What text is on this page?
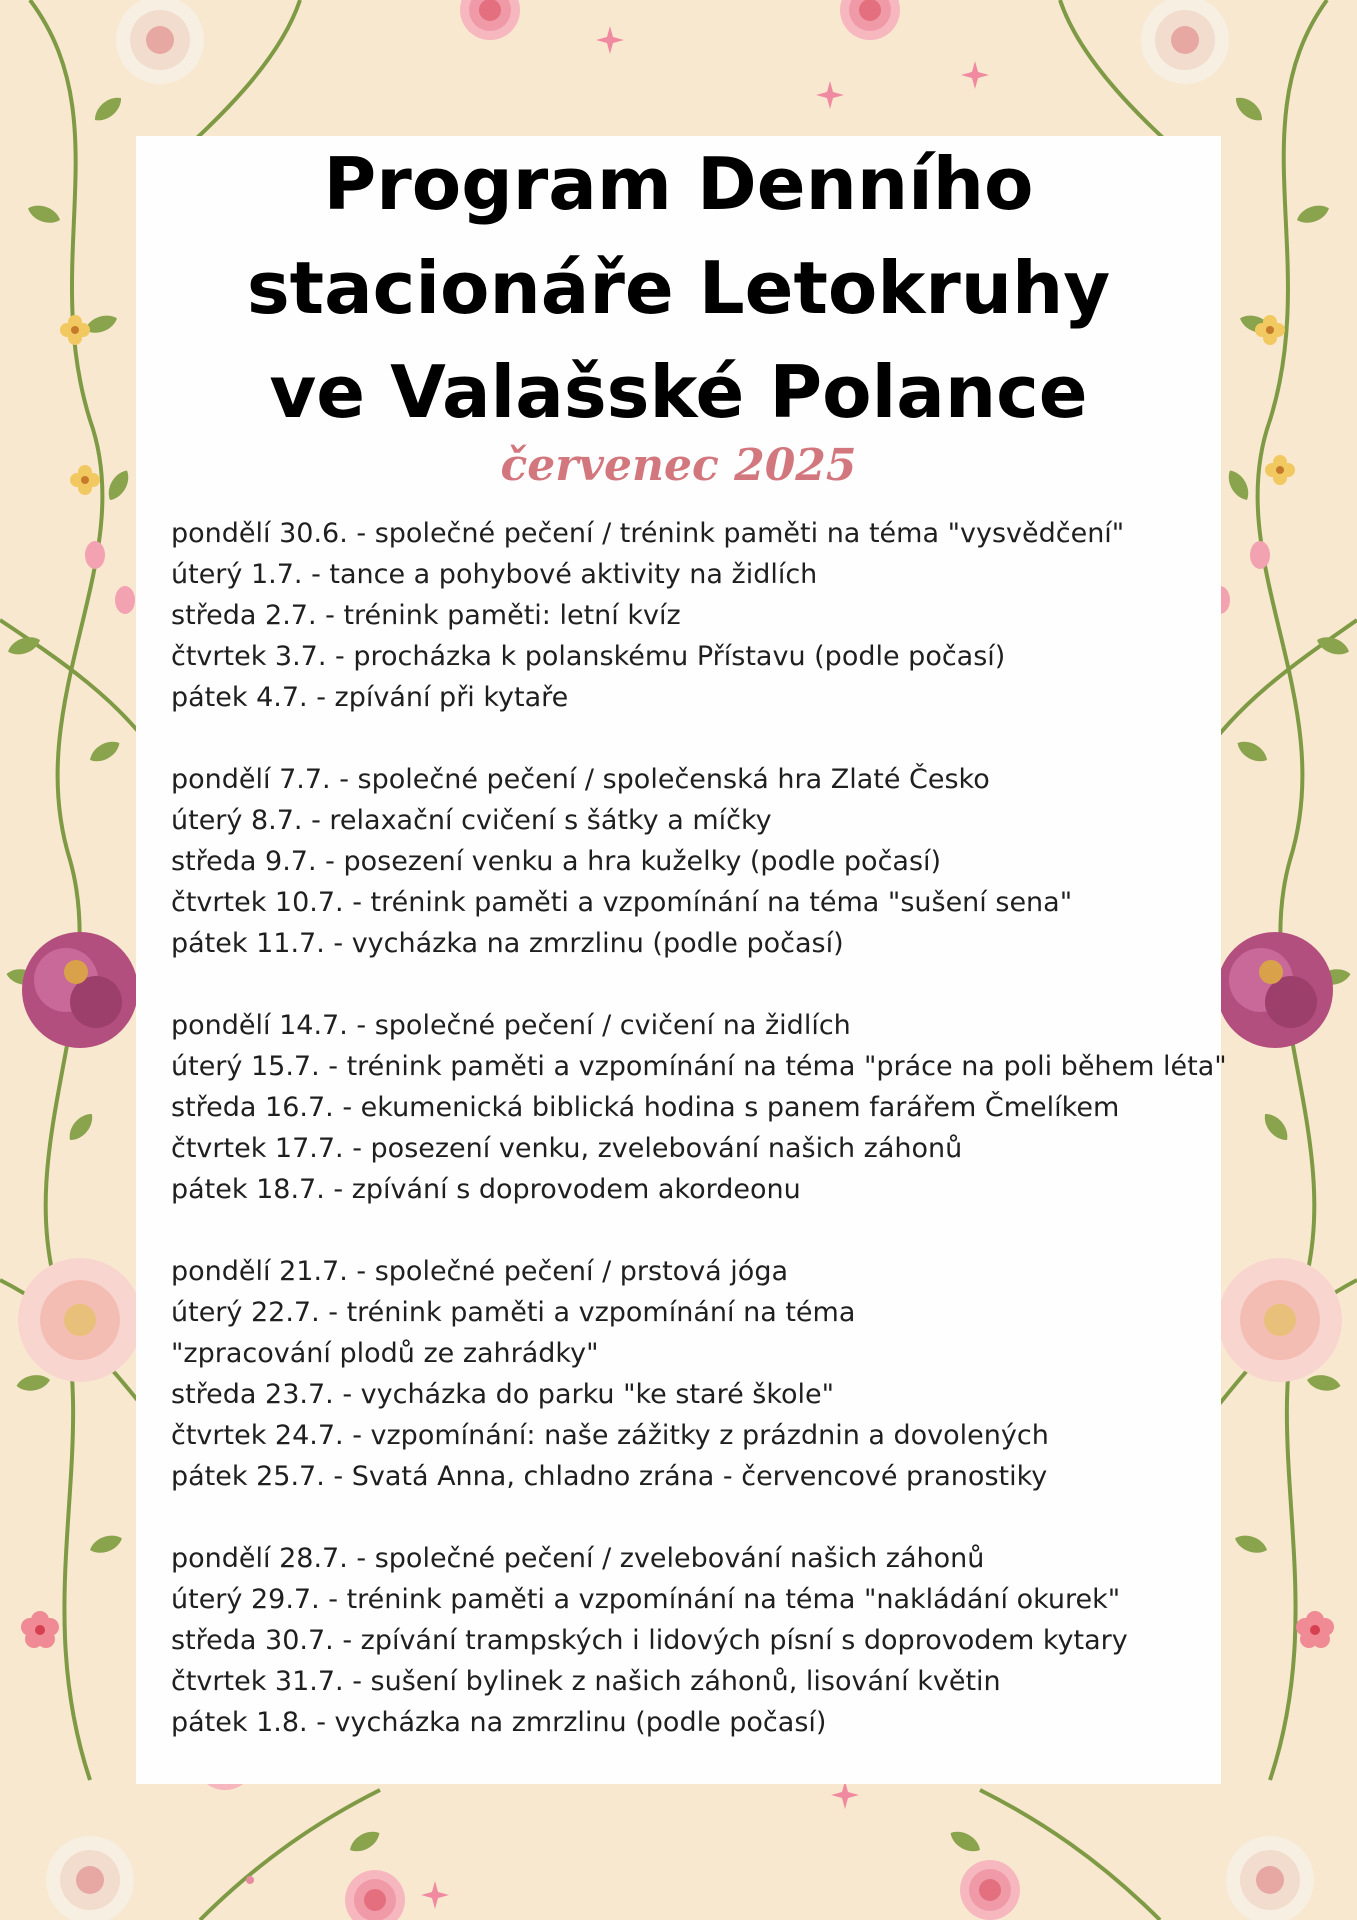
Program Denního
stacionáře Letokruhy
ve Valašské Polance
červenec 2025
pondělí 30.6. - společné pečení / trénink paměti na téma "vysvědčení"
úterý 1.7. - tance a pohybové aktivity na židlích
středa 2.7. - trénink paměti: letní kvíz
čtvrtek 3.7. - procházka k polanskému Přístavu (podle počasí)
pátek 4.7. - zpívání při kytaře
pondělí 7.7. - společné pečení / společenská hra Zlaté Česko
úterý 8.7. - relaxační cvičení s šátky a míčky
středa 9.7. - posezení venku a hra kuželky (podle počasí)
čtvrtek 10.7. - trénink paměti a vzpomínání na téma "sušení sena"
pátek 11.7. - vycházka na zmrzlinu (podle počasí)
pondělí 14.7. - společné pečení / cvičení na židlích
úterý 15.7. - trénink paměti a vzpomínání na téma "práce na poli během léta"
středa 16.7. - ekumenická biblická hodina s panem farářem Čmelíkem
čtvrtek 17.7. - posezení venku, zvelebování našich záhonů
pátek 18.7. - zpívání s doprovodem akordeonu
pondělí 21.7. - společné pečení / prstová jóga
úterý 22.7. - trénink paměti a vzpomínání na téma
"zpracování plodů ze zahrádky"
středa 23.7. - vycházka do parku "ke staré škole"
čtvrtek 24.7. - vzpomínání: naše zážitky z prázdnin a dovolených
pátek 25.7. - Svatá Anna, chladno zrána - červencové pranostiky
pondělí 28.7. - společné pečení / zvelebování našich záhonů
úterý 29.7. - trénink paměti a vzpomínání na téma "nakládání okurek"
středa 30.7. - zpívání trampských i lidových písní s doprovodem kytary
čtvrtek 31.7. - sušení bylinek z našich záhonů, lisování květin
pátek 1.8. - vycházka na zmrzlinu (podle počasí)
